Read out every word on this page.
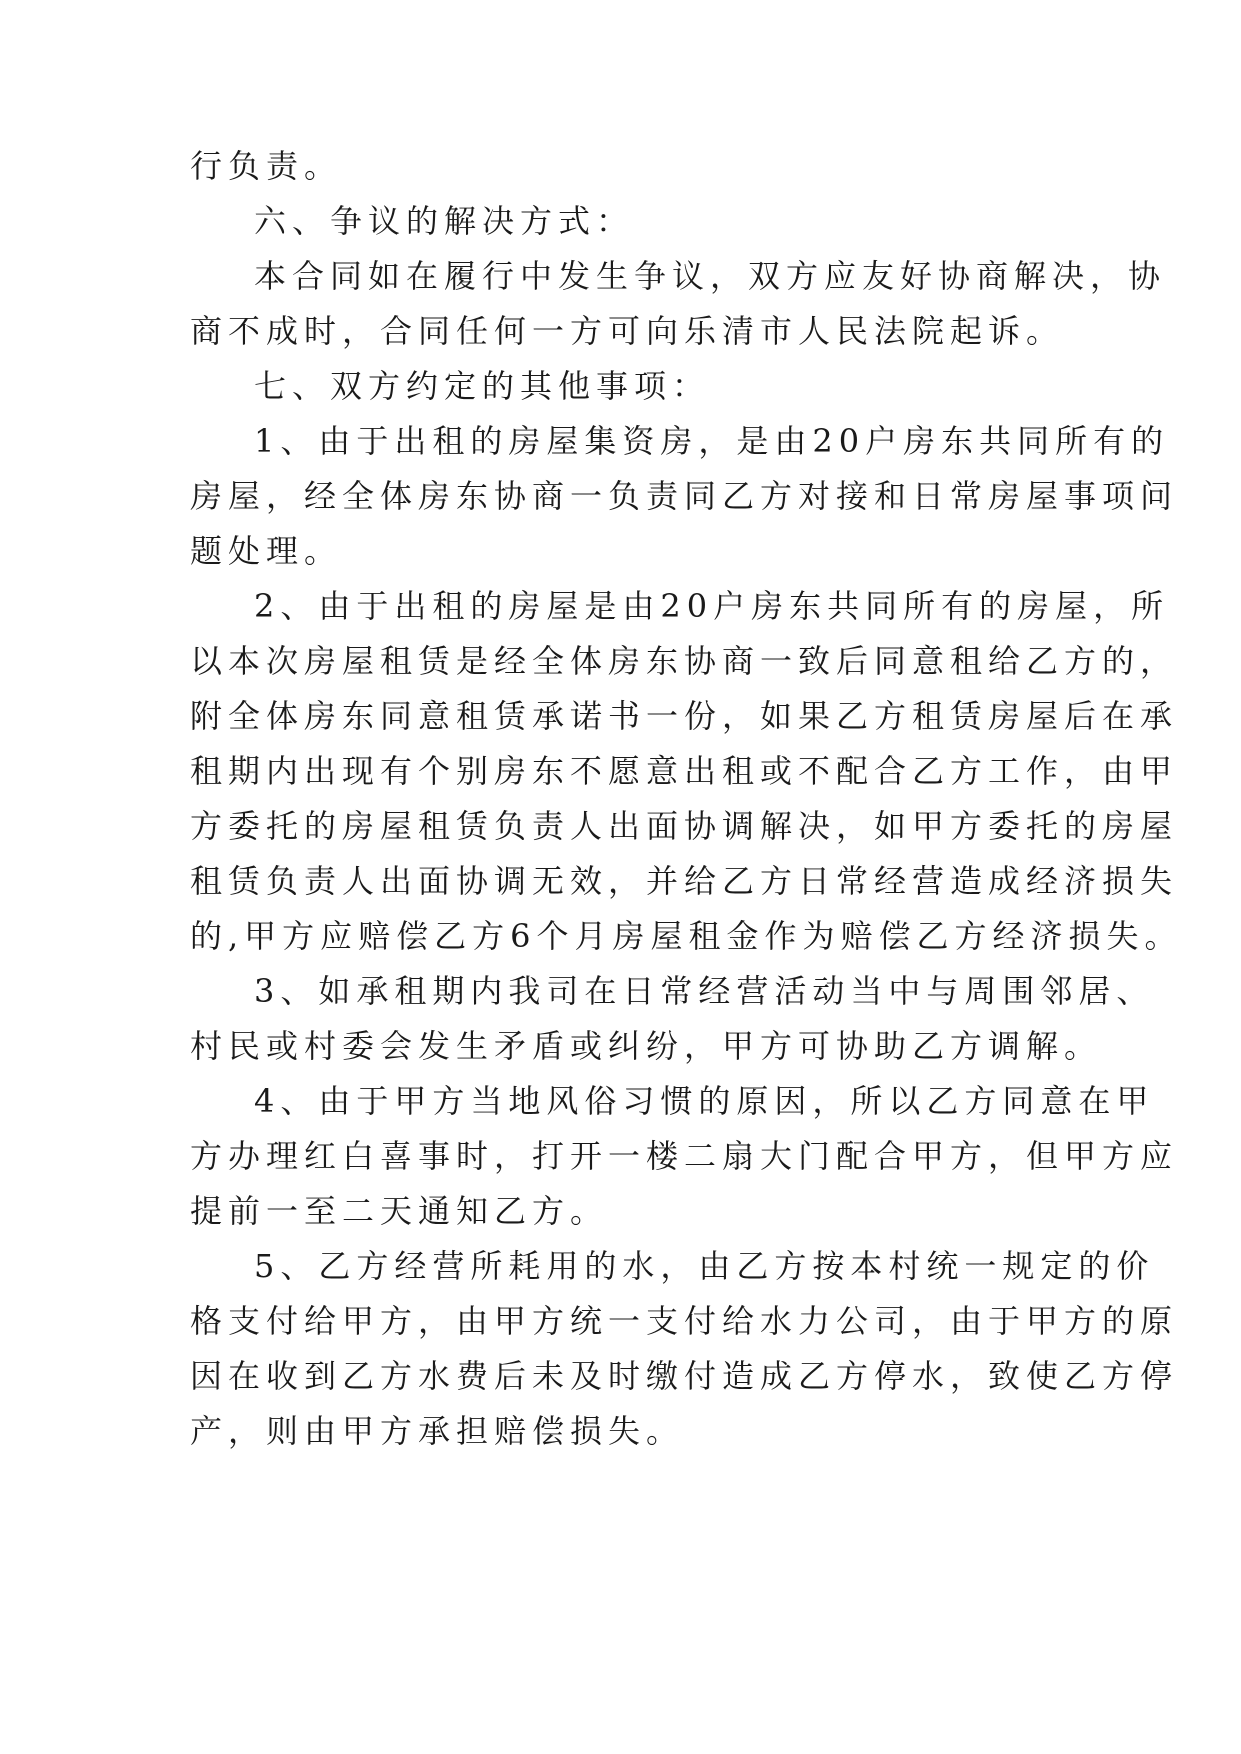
行负责。
六、争议的解决方式：
本合同如在履行中发生争议，双方应友好协商解决，协
商不成时，合同任何一方可向乐清市人民法院起诉。
七、双方约定的其他事项：
1、由于出租的房屋集资房，是由20户房东共同所有的
房屋，经全体房东协商一负责同乙方对接和日常房屋事项问
题处理。
2、由于出租的房屋是由20户房东共同所有的房屋，所
以本次房屋租赁是经全体房东协商一致后同意租给乙方的，
附全体房东同意租赁承诺书一份，如果乙方租赁房屋后在承
租期内出现有个别房东不愿意出租或不配合乙方工作，由甲
方委托的房屋租赁负责人出面协调解决，如甲方委托的房屋
租赁负责人出面协调无效，并给乙方日常经营造成经济损失
的,甲方应赔偿乙方6个月房屋租金作为赔偿乙方经济损失。
3、如承租期内我司在日常经营活动当中与周围邻居、
村民或村委会发生矛盾或纠纷，甲方可协助乙方调解。
4、由于甲方当地风俗习惯的原因，所以乙方同意在甲
方办理红白喜事时，打开一楼二扇大门配合甲方，但甲方应
提前一至二天通知乙方。
5、乙方经营所耗用的水，由乙方按本村统一规定的价
格支付给甲方，由甲方统一支付给水力公司，由于甲方的原
因在收到乙方水费后未及时缴付造成乙方停水，致使乙方停
产，则由甲方承担赔偿损失。
